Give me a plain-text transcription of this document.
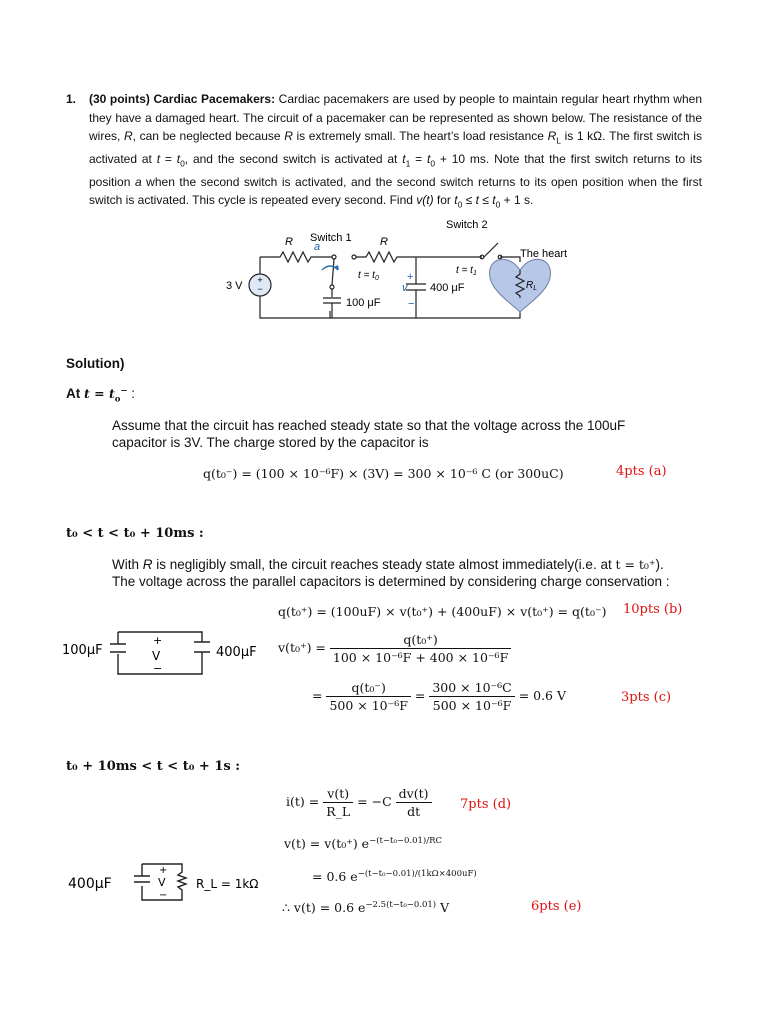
1. (30 points) Cardiac Pacemakers: Cardiac pacemakers are used by people to maintain regular heart rhythm when they have a damaged heart. The circuit of a pacemaker can be represented as shown below. The resistance of the wires, R, can be neglected because R is extremely small. The heart’s load resistance $R_L$ is 1 kΩ. The first switch is activated at $t = t_0$, and the second switch is activated at $t_1 = t_0 + 10$ ms. Note that the first switch returns to its position a when the second switch is activated, and the second switch returns to its open position when the first switch is activated. This cycle is repeated every second. Find v(t) for $t_0 \le t \le t_0 + 1$ s.
+
−
R Switch 1
a	R
$t = t_0$
3 V
100 μF
Switch 2
$t = t_1$
+
v
−
400 μF
The heart
$R_L$
Solution)
At $t = t_o^-$ :
Assume that the circuit has reached steady state so that the voltage across the 100uF capacitor is 3V. The charge stored by the capacitor is
q(t₀⁻) = (100 × 10⁻⁶F) × (3V) = 300 × 10⁻⁶ C (or 300uC)	4pts (a)
t₀ < t < t₀ + 10ms :
With R is negligibly small, the circuit reaches steady state almost immediately(i.e. at t = t₀⁺).
The voltage across the parallel capacitors is determined by considering charge conservation :
q(t₀⁺) = (100uF) × v(t₀⁺) + (400uF) × v(t₀⁺) = q(t₀⁻) 10pts (b)
$v(t_0^+) = \frac{\text{q(t₀⁺)}}{\text{100 × 10⁻⁶F + 400 × 10⁻⁶F}}$
= $\frac{\text{q(t₀⁻)}}{\text{500 × 10⁻⁶F}} = \frac{\text{300 × 10⁻⁶C}}{\text{500 × 10⁻⁶F}} = 0.6$ V	3pts (c)
100μF	400μF
+
V
−
t₀ + 10ms < t < t₀ + 1s :
$i(t) = \frac{v(t)}{R\_L} = -C \frac{dv(t)}{dt} 7pts$ (d)
v(t) = v(t₀⁺) $e^{-(t-t_0-0.01)/RC}$
= 0.6 $e^{-(t-t_0-0.01)/(1k\Omega\times 400uF)}$
∴ v(t) = 0.6 $e^{-2.5(t-t_0-0.01)}$ V	6pts (e)
400μF
+
V
−
R_L = 1kΩ
